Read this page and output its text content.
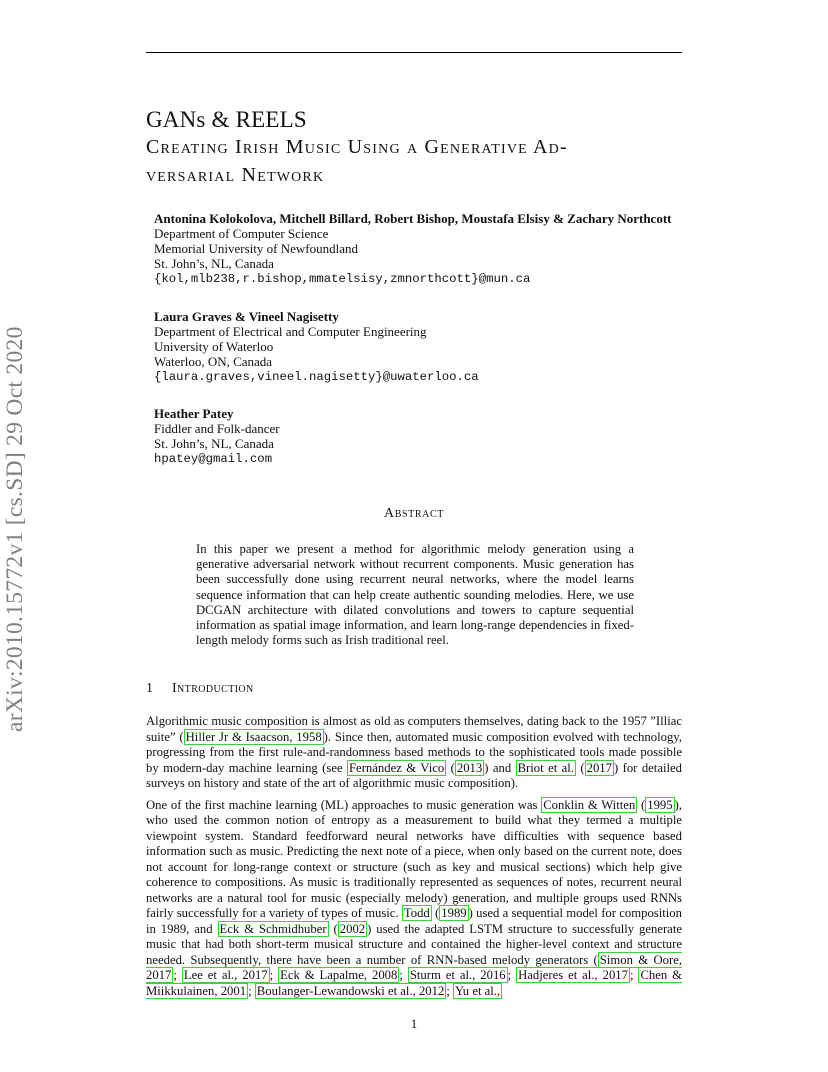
arXiv:2010.15772v1 [cs.SD] 29 Oct 2020
GANs & REELS
Creating Irish Music Using a Generative Ad-
versarial Network
Antonina Kolokolova, Mitchell Billard, Robert Bishop, Moustafa Elsisy & Zachary Northcott
Department of Computer Science
Memorial University of Newfoundland
St. John’s, NL, Canada
{kol,mlb238,r.bishop,mmatelsisy,zmnorthcott}@mun.ca
Laura Graves & Vineel Nagisetty
Department of Electrical and Computer Engineering
University of Waterloo
Waterloo, ON, Canada
{laura.graves,vineel.nagisetty}@uwaterloo.ca
Heather Patey
Fiddler and Folk-dancer
St. John’s, NL, Canada
hpatey@gmail.com
Abstract
In this paper we present a method for algorithmic melody generation using a generative adversarial network without recurrent components. Music generation has been successfully done using recurrent neural networks, where the model learns sequence information that can help create authentic sounding melodies. Here, we use DCGAN architecture with dilated convolutions and towers to capture sequential information as spatial image information, and learn long-range dependencies in fixed-length melody forms such as Irish traditional reel.
1 Introduction

Algorithmic music composition is almost as old as computers themselves, dating back to the 1957 ”Illiac suite” ( Hiller Jr & Isaacson, 1958 ). Since then, automated music composition evolved with technology, progressing from the first rule-and-randomness based methods to the sophisticated tools made possible by modern-day machine learning (see Fernández & Vico ( 2013 ) and Briot et al. ( 2017 ) for detailed surveys on history and state of the art of algorithmic music composition).

One of the first machine learning (ML) approaches to music generation was Conklin & Witten ( 1995 ), who used the common notion of entropy as a measurement to build what they termed a multiple viewpoint system. Standard feedforward neural networks have difficulties with sequence based information such as music. Predicting the next note of a piece, when only based on the current note, does not account for long-range context or structure (such as key and musical sections) which help give coherence to compositions. As music is traditionally represented as sequences of notes, recurrent neural networks are a natural tool for music (especially melody) generation, and multiple groups used RNNs fairly successfully for a variety of types of music. Todd ( 1989 ) used a sequential model for composition in 1989, and Eck & Schmidhuber ( 2002 ) used the adapted LSTM structure to successfully generate music that had both short-term musical structure and contained the higher-level context and structure needed. Subsequently, there have been a number of RNN-based melody generators ( Simon & Oore, 2017 ; Lee et al., 2017 ; Eck & Lapalme, 2008 ; Sturm et al., 2016 ; Hadjeres et al., 2017 ; Chen & Miikkulainen, 2001 ; Boulanger-Lewandowski et al., 2012 ; Yu et al.,

1
